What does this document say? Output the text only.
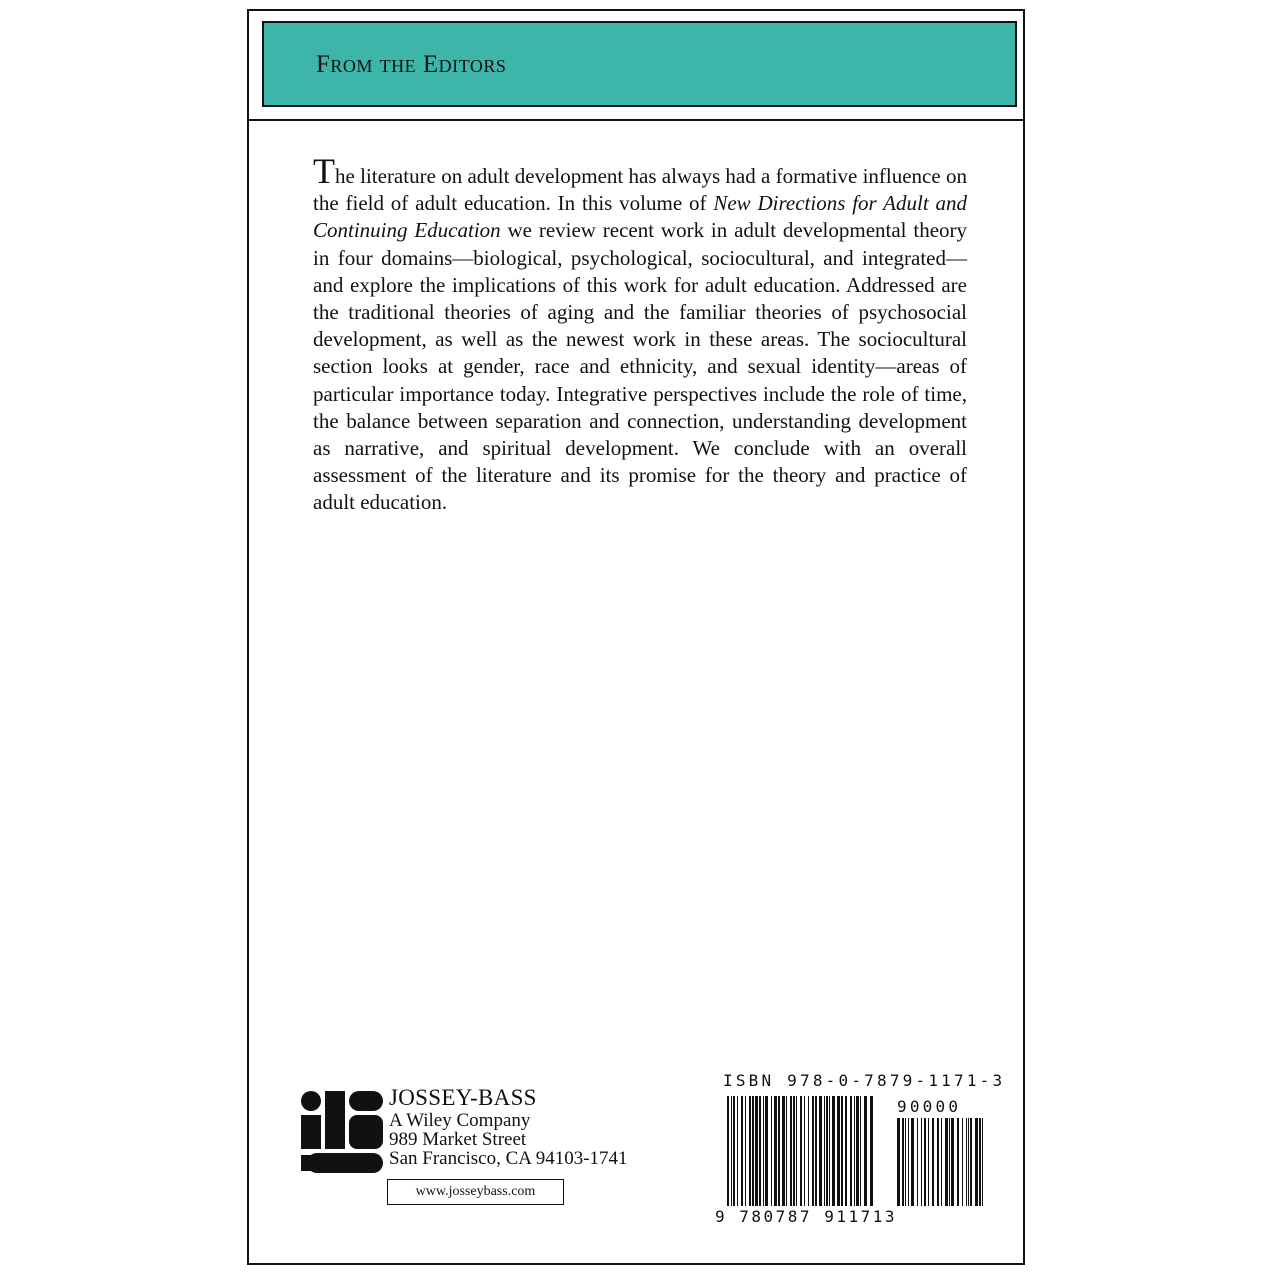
From the Editors

The literature on adult development has always had a formative influence on the field of adult education. In this volume of New Directions for Adult and Continuing Education we review recent work in adult developmental theory in four domains—biological, psychological, sociocultural, and integrated—and explore the implications of this work for adult education. Addressed are the traditional theories of aging and the familiar theories of psychosocial development, as well as the newest work in these areas. The sociocultural section looks at gender, race and ethnicity, and sexual identity—areas of particular importance today. Integrative perspectives include the role of time, the balance between separation and connection, understanding development as narrative, and spiritual development. We conclude with an overall assessment of the literature and its promise for the theory and practice of adult education.

JOSSEY-BASS
A Wiley Company
989 Market Street
San Francisco, CA 94103-1741
www.josseybass.com
ISBN 978-0-7879-1171-3
90000
9 780787 911713
